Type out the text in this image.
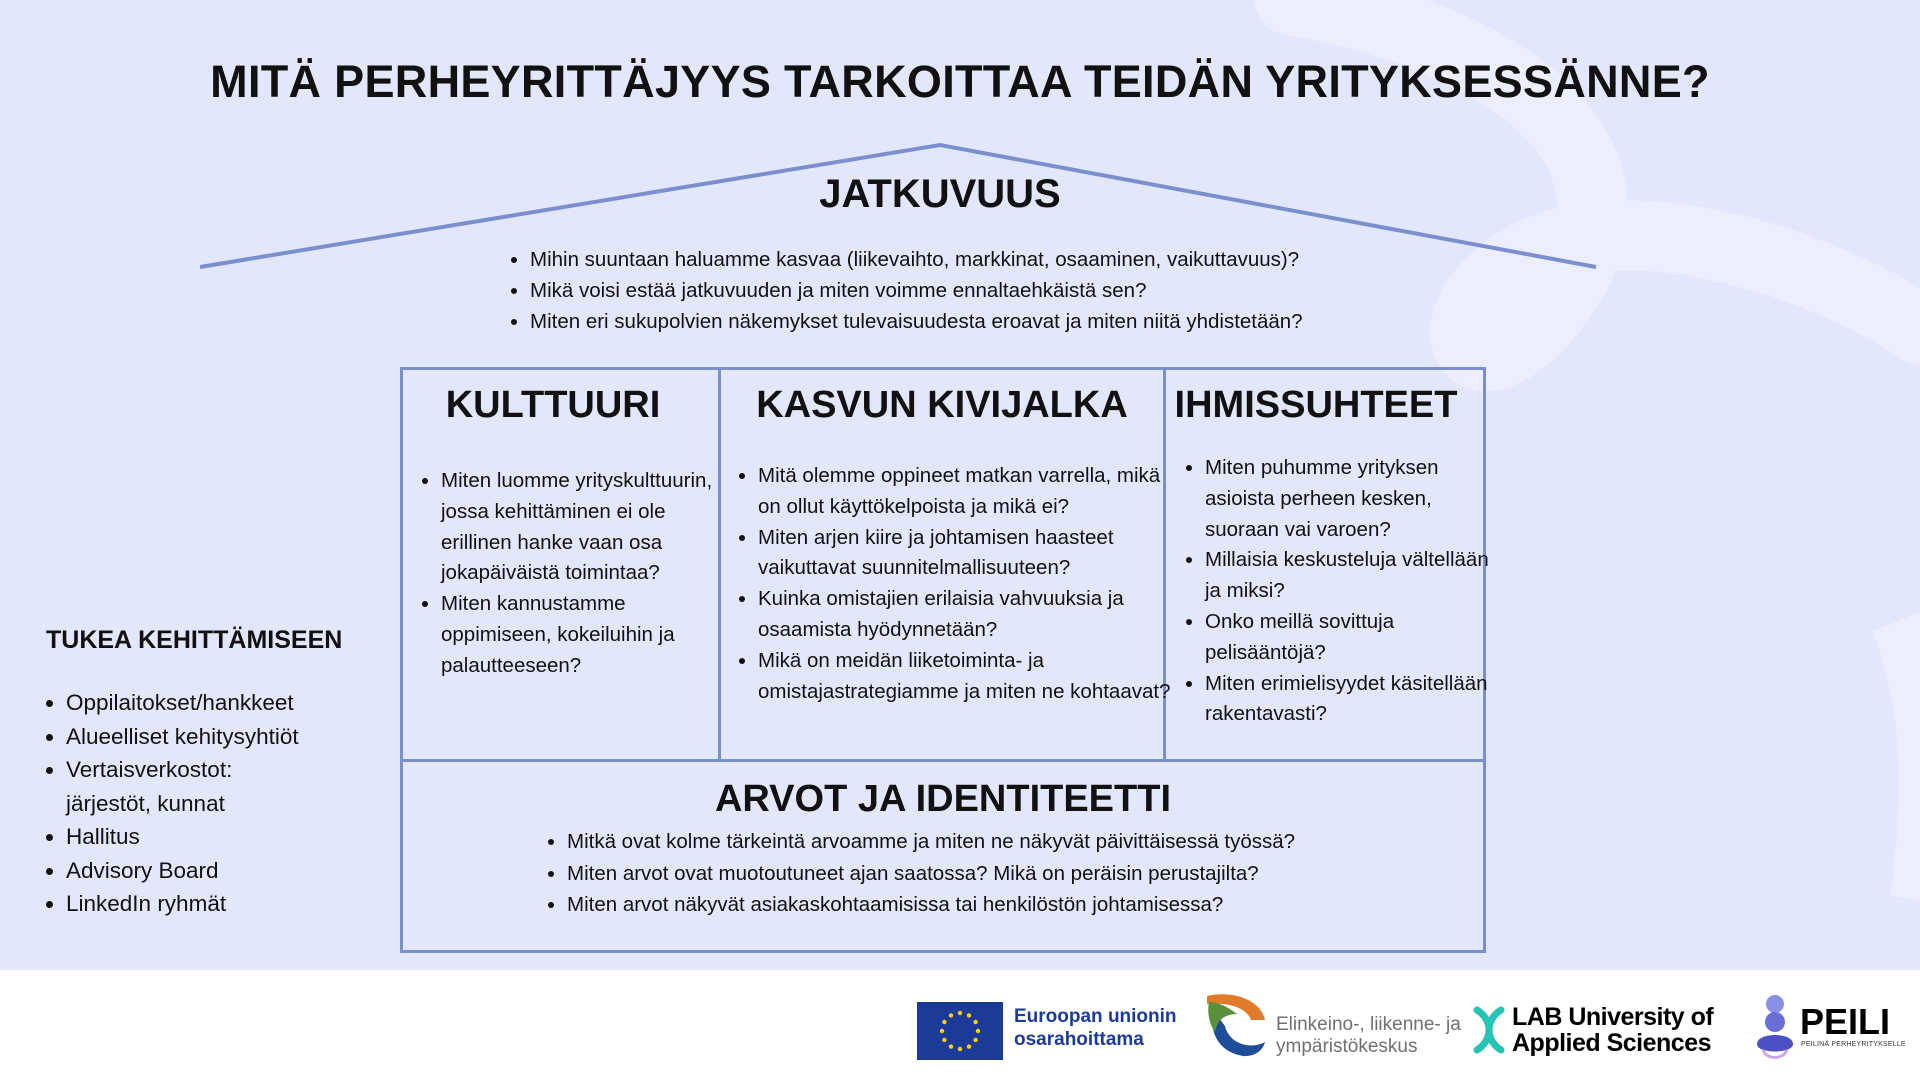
MITÄ PERHEYRITTÄJYYS TARKOITTAA TEIDÄN YRITYKSESSÄNNE?
JATKUVUUS
• Mihin suuntaan haluamme kasvaa (liikevaihto, markkinat, osaaminen, vaikuttavuus)?
• Mikä voisi estää jatkuvuuden ja miten voimme ennaltaehkäistä sen?
• Miten eri sukupolvien näkemykset tulevaisuudesta eroavat ja miten niitä yhdistetään?
KULTTUURI
• Miten luomme yrityskulttuurin, jossa kehittäminen ei ole erillinen hanke vaan osa jokapäiväistä toimintaa?
• Miten kannustamme oppimiseen, kokeiluihin ja palautteeseen?
KASVUN KIVIJALKA
• Mitä olemme oppineet matkan varrella, mikä on ollut käyttökelpoista ja mikä ei?
• Miten arjen kiire ja johtamisen haasteet vaikuttavat suunnitelmallisuuteen?
• Kuinka omistajien erilaisia vahvuuksia ja osaamista hyödynnetään?
• Mikä on meidän liiketoiminta- ja omistajastrategiamme ja miten ne kohtaavat?
IHMISSUHTEET
• Miten puhumme yrityksen asioista perheen kesken, suoraan vai varoen?
• Millaisia keskusteluja vältellään ja miksi?
• Onko meillä sovittuja pelisääntöjä?
• Miten erimielisyydet käsitellään rakentavasti?
ARVOT JA IDENTITEETTI
• Mitkä ovat kolme tärkeintä arvoamme ja miten ne näkyvät päivittäisessä työssä?
• Miten arvot ovat muotoutuneet ajan saatossa? Mikä on peräisin perustajilta?
• Miten arvot näkyvät asiakaskohtaamisissa tai henkilöstön johtamisessa?
TUKEA KEHITTÄMISEEN
• Oppilaitokset/hankkeet
• Alueelliset kehitysyhtiöt
• Vertaisverkostot: järjestöt, kunnat
• Hallitus
• Advisory Board
• LinkedIn ryhmät
Euroopan unionin
osarahoittama
Elinkeino-, liikenne- ja
ympäristökeskus
LAB University of
Applied Sciences
PEILI
PEILINÄ PERHEYRITYKSELLE
